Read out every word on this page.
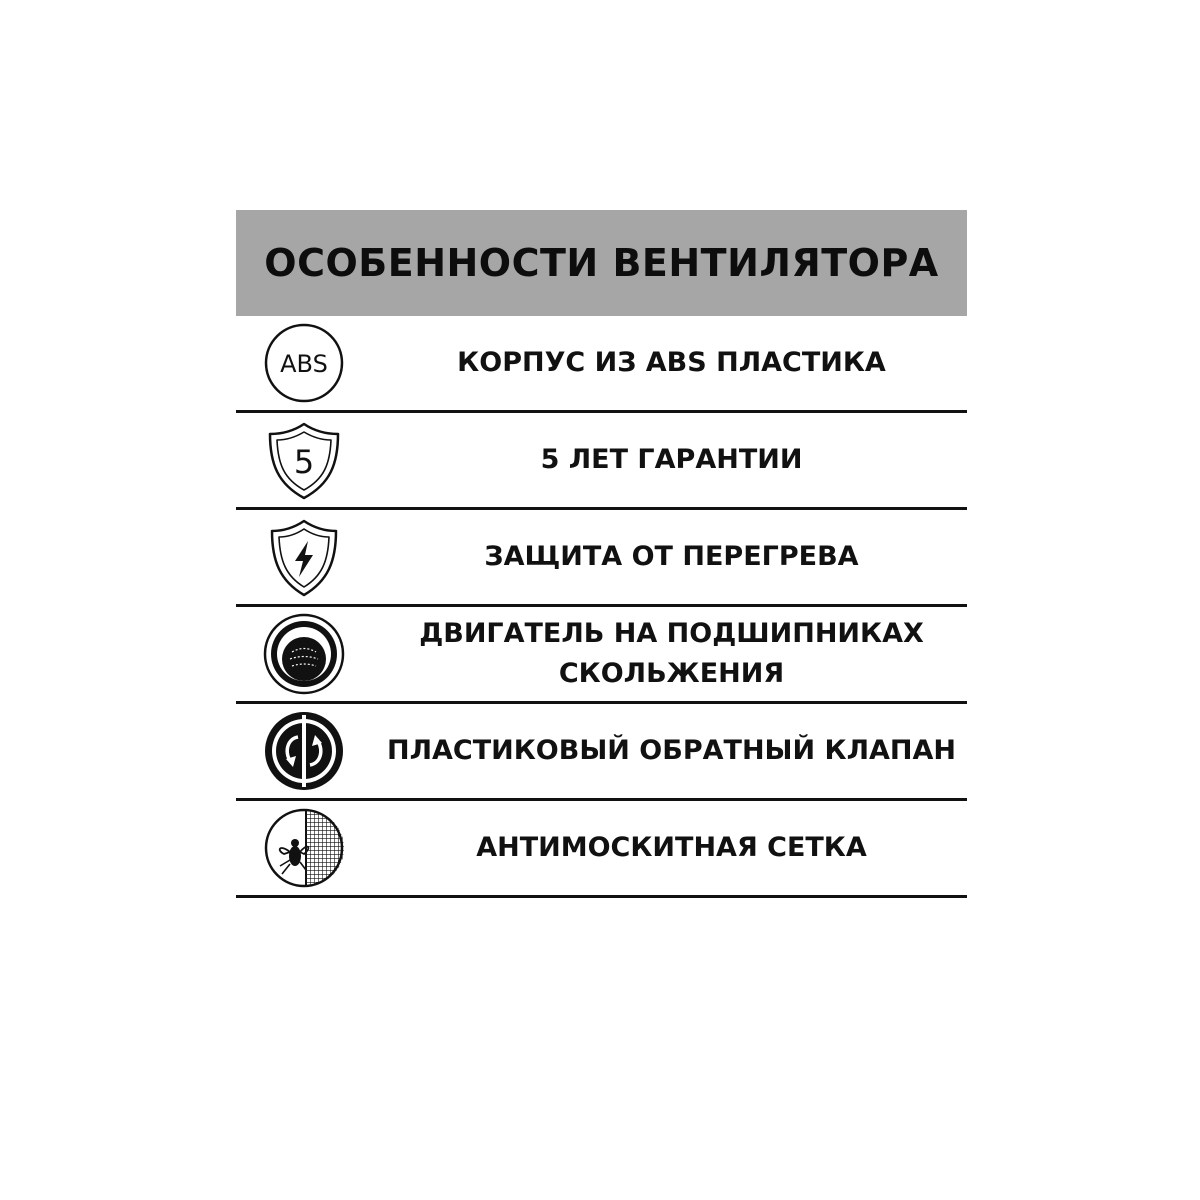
ОСОБЕННОСТИ ВЕНТИЛЯТОРА
ABS	КОРПУС ИЗ ABS ПЛАСТИКА
5	5 ЛЕТ ГАРАНТИИ
ЗАЩИТА ОТ ПЕРЕГРЕВА
ДВИГАТЕЛЬ НА ПОДШИПНИКАХ
СКОЛЬЖЕНИЯ
ПЛАСТИКОВЫЙ ОБРАТНЫЙ КЛАПАН
АНТИМОСКИТНАЯ СЕТКА
